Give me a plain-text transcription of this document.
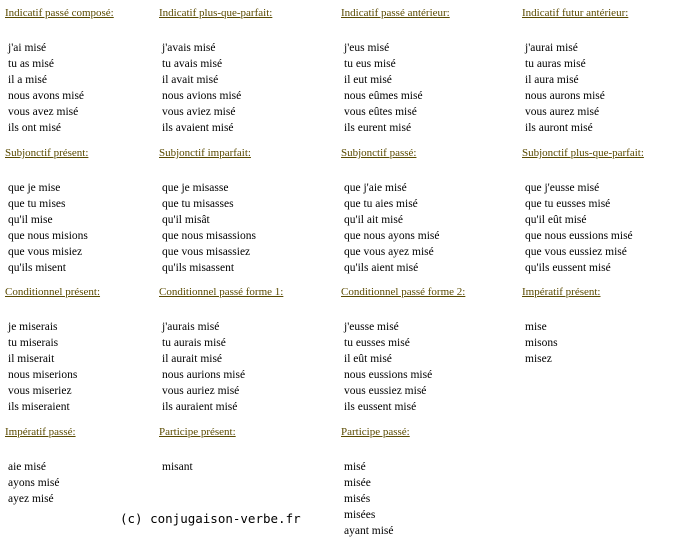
Indicatif passé composé:
j'ai misé
tu as misé
il a misé
nous avons misé
vous avez misé
ils ont misé
Indicatif plus-que-parfait:
j'avais misé
tu avais misé
il avait misé
nous avions misé
vous aviez misé
ils avaient misé
Indicatif passé antérieur:
j'eus misé
tu eus misé
il eut misé
nous eûmes misé
vous eûtes misé
ils eurent misé
Indicatif futur antérieur:
j'aurai misé
tu auras misé
il aura misé
nous aurons misé
vous aurez misé
ils auront misé
Subjonctif présent:
que je mise
que tu mises
qu'il mise
que nous misions
que vous misiez
qu'ils misent
Subjonctif imparfait:
que je misasse
que tu misasses
qu'il misât
que nous misassions
que vous misassiez
qu'ils misassent
Subjonctif passé:
que j'aie misé
que tu aies misé
qu'il ait misé
que nous ayons misé
que vous ayez misé
qu'ils aient misé
Subjonctif plus-que-parfait:
que j'eusse misé
que tu eusses misé
qu'il eût misé
que nous eussions misé
que vous eussiez misé
qu'ils eussent misé
Conditionnel présent:
je miserais
tu miserais
il miserait
nous miserions
vous miseriez
ils miseraient
Conditionnel passé forme 1:
j'aurais misé
tu aurais misé
il aurait misé
nous aurions misé
vous auriez misé
ils auraient misé
Conditionnel passé forme 2:
j'eusse misé
tu eusses misé
il eût misé
nous eussions misé
vous eussiez misé
ils eussent misé
Impératif présent:
mise
misons
misez
Impératif passé:
aie misé
ayons misé
ayez misé
Participe présent:
misant
Participe passé:
misé
misée
misés
misées
ayant misé
(c) conjugaison-verbe.fr
